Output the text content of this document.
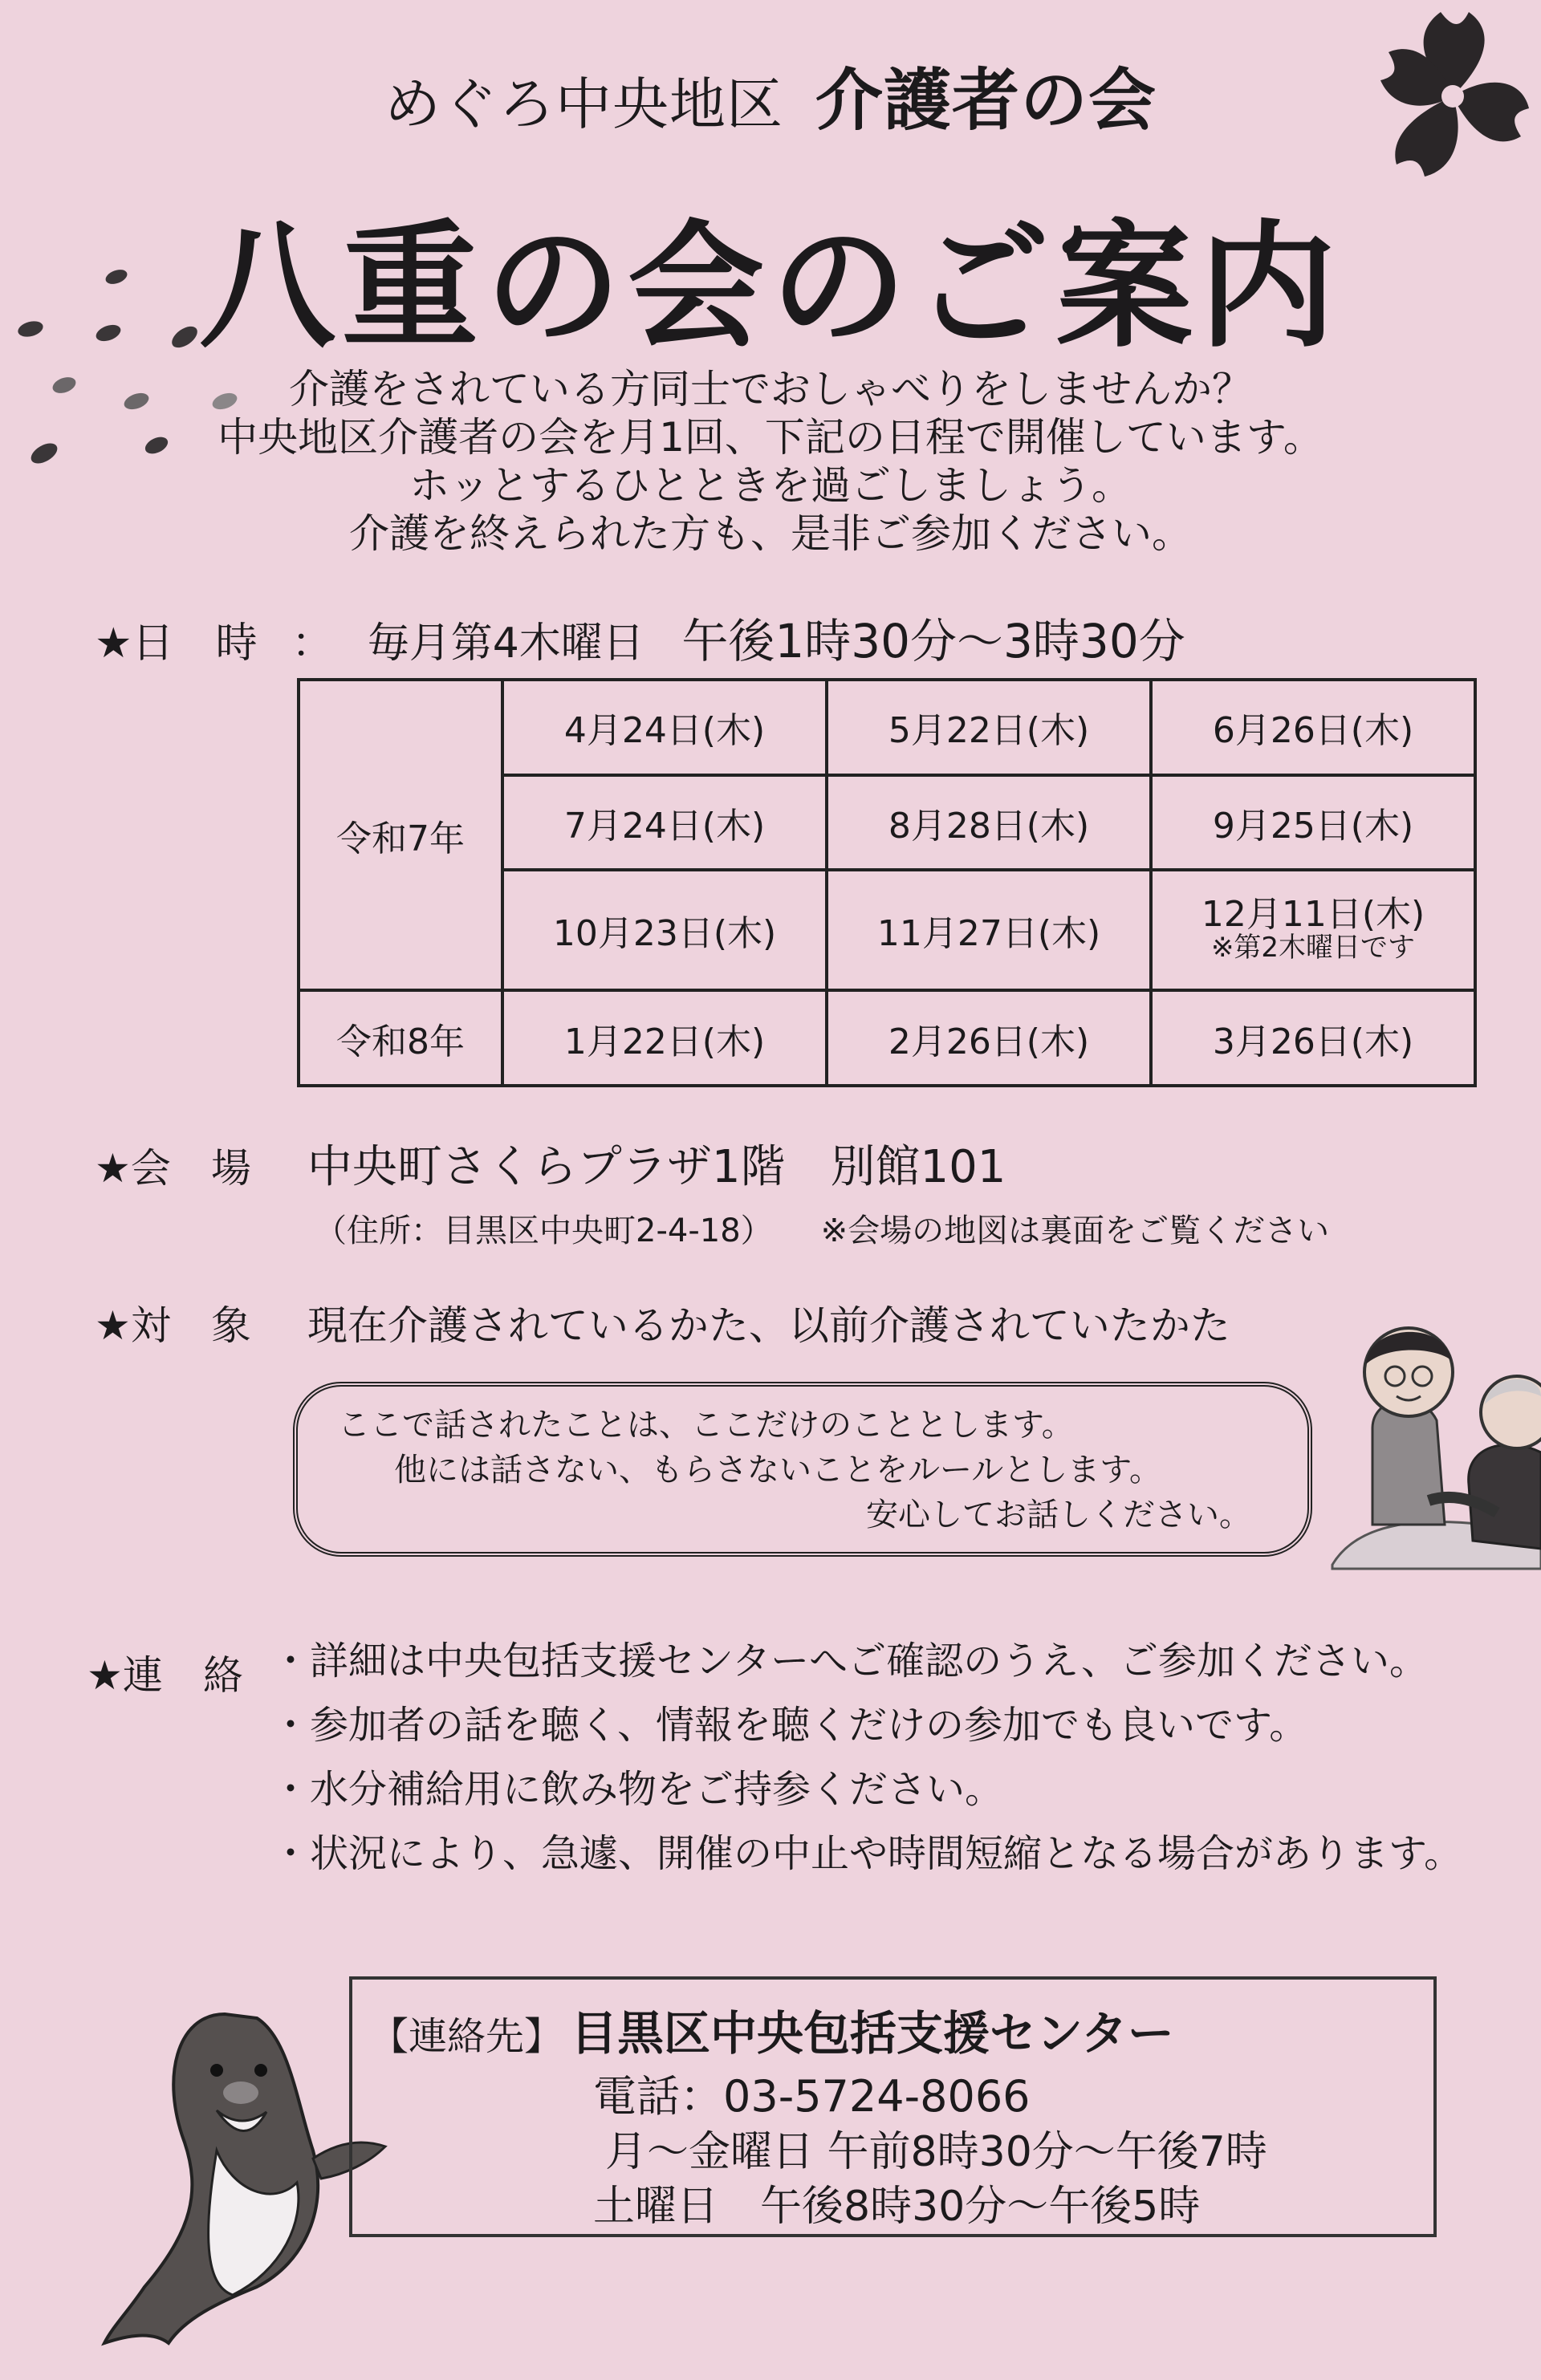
めぐろ中央地区 介護者の会
八重の会のご案内
介護をされている方同士でおしゃべりをしませんか？
中央地区介護者の会を月1回、下記の日程で開催しています。
ホッとするひとときを過ごしましょう。
介護を終えられた方も、是非ご参加ください。
★日　時 ： 毎月第4木曜日 午後1時30分～3時30分
令和7年	4月24日(木)	5月22日(木)	6月26日(木)
	7月24日(木)	8月28日(木)	9月25日(木)
	10月23日(木)	11月27日(木)	12月11日(木)
※第2木曜日です

令和8年	1月22日(木)	2月26日(木)	3月26日(木)
★会　場 中央町さくらプラザ1階　別館101
（住所：目黒区中央町2-4-18） ※会場の地図は裏面をご覧ください
★対　象 現在介護されているかた、以前介護されていたかた
ここで話されたことは、ここだけのこととします。
他には話さない、もらさないことをルールとします。
安心してお話しください。
★連　絡 ・詳細は中央包括支援センターへご確認のうえ、ご参加ください。
・参加者の話を聴く、情報を聴くだけの参加でも良いです。
・水分補給用に飲み物をご持参ください。
・状況により、急遽、開催の中止や時間短縮となる場合があります。
【連絡先】 目黒区中央包括支援センター
電話：03-5724-8066
月～金曜日 午前8時30分～午後7時
土曜日　午後8時30分～午後5時
